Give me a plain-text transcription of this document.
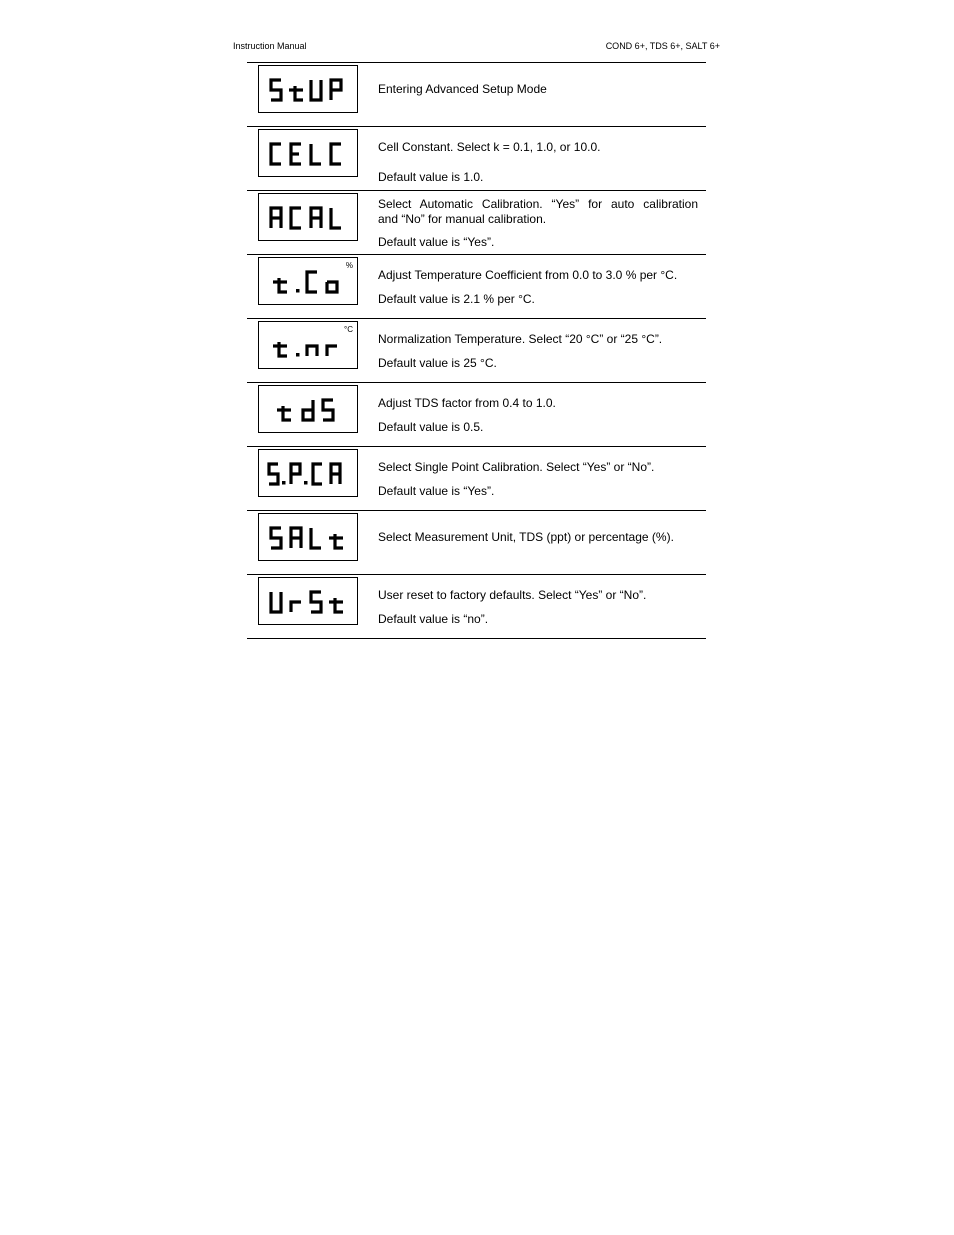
Instruction Manual	COND 6+, TDS 6+, SALT 6+
Entering Advanced Setup Mode
Cell Constant. Select k = 0.1, 1.0, or 10.0.
Default value is 1.0.
Select Automatic Calibration. “Yes” for auto calibration
and “No” for manual calibration.
Default value is “Yes”.
%
Adjust Temperature Coefficient from 0.0 to 3.0 % per °C.
Default value is 2.1 % per °C.
°C
Normalization Temperature. Select “20 °C” or “25 °C”.
Default value is 25 °C.
Adjust TDS factor from 0.4 to 1.0.
Default value is 0.5.
Select Single Point Calibration. Select “Yes” or “No”.
Default value is “Yes”.
Select Measurement Unit, TDS (ppt) or percentage (%).
User reset to factory defaults. Select “Yes” or “No”.
Default value is “no”.
